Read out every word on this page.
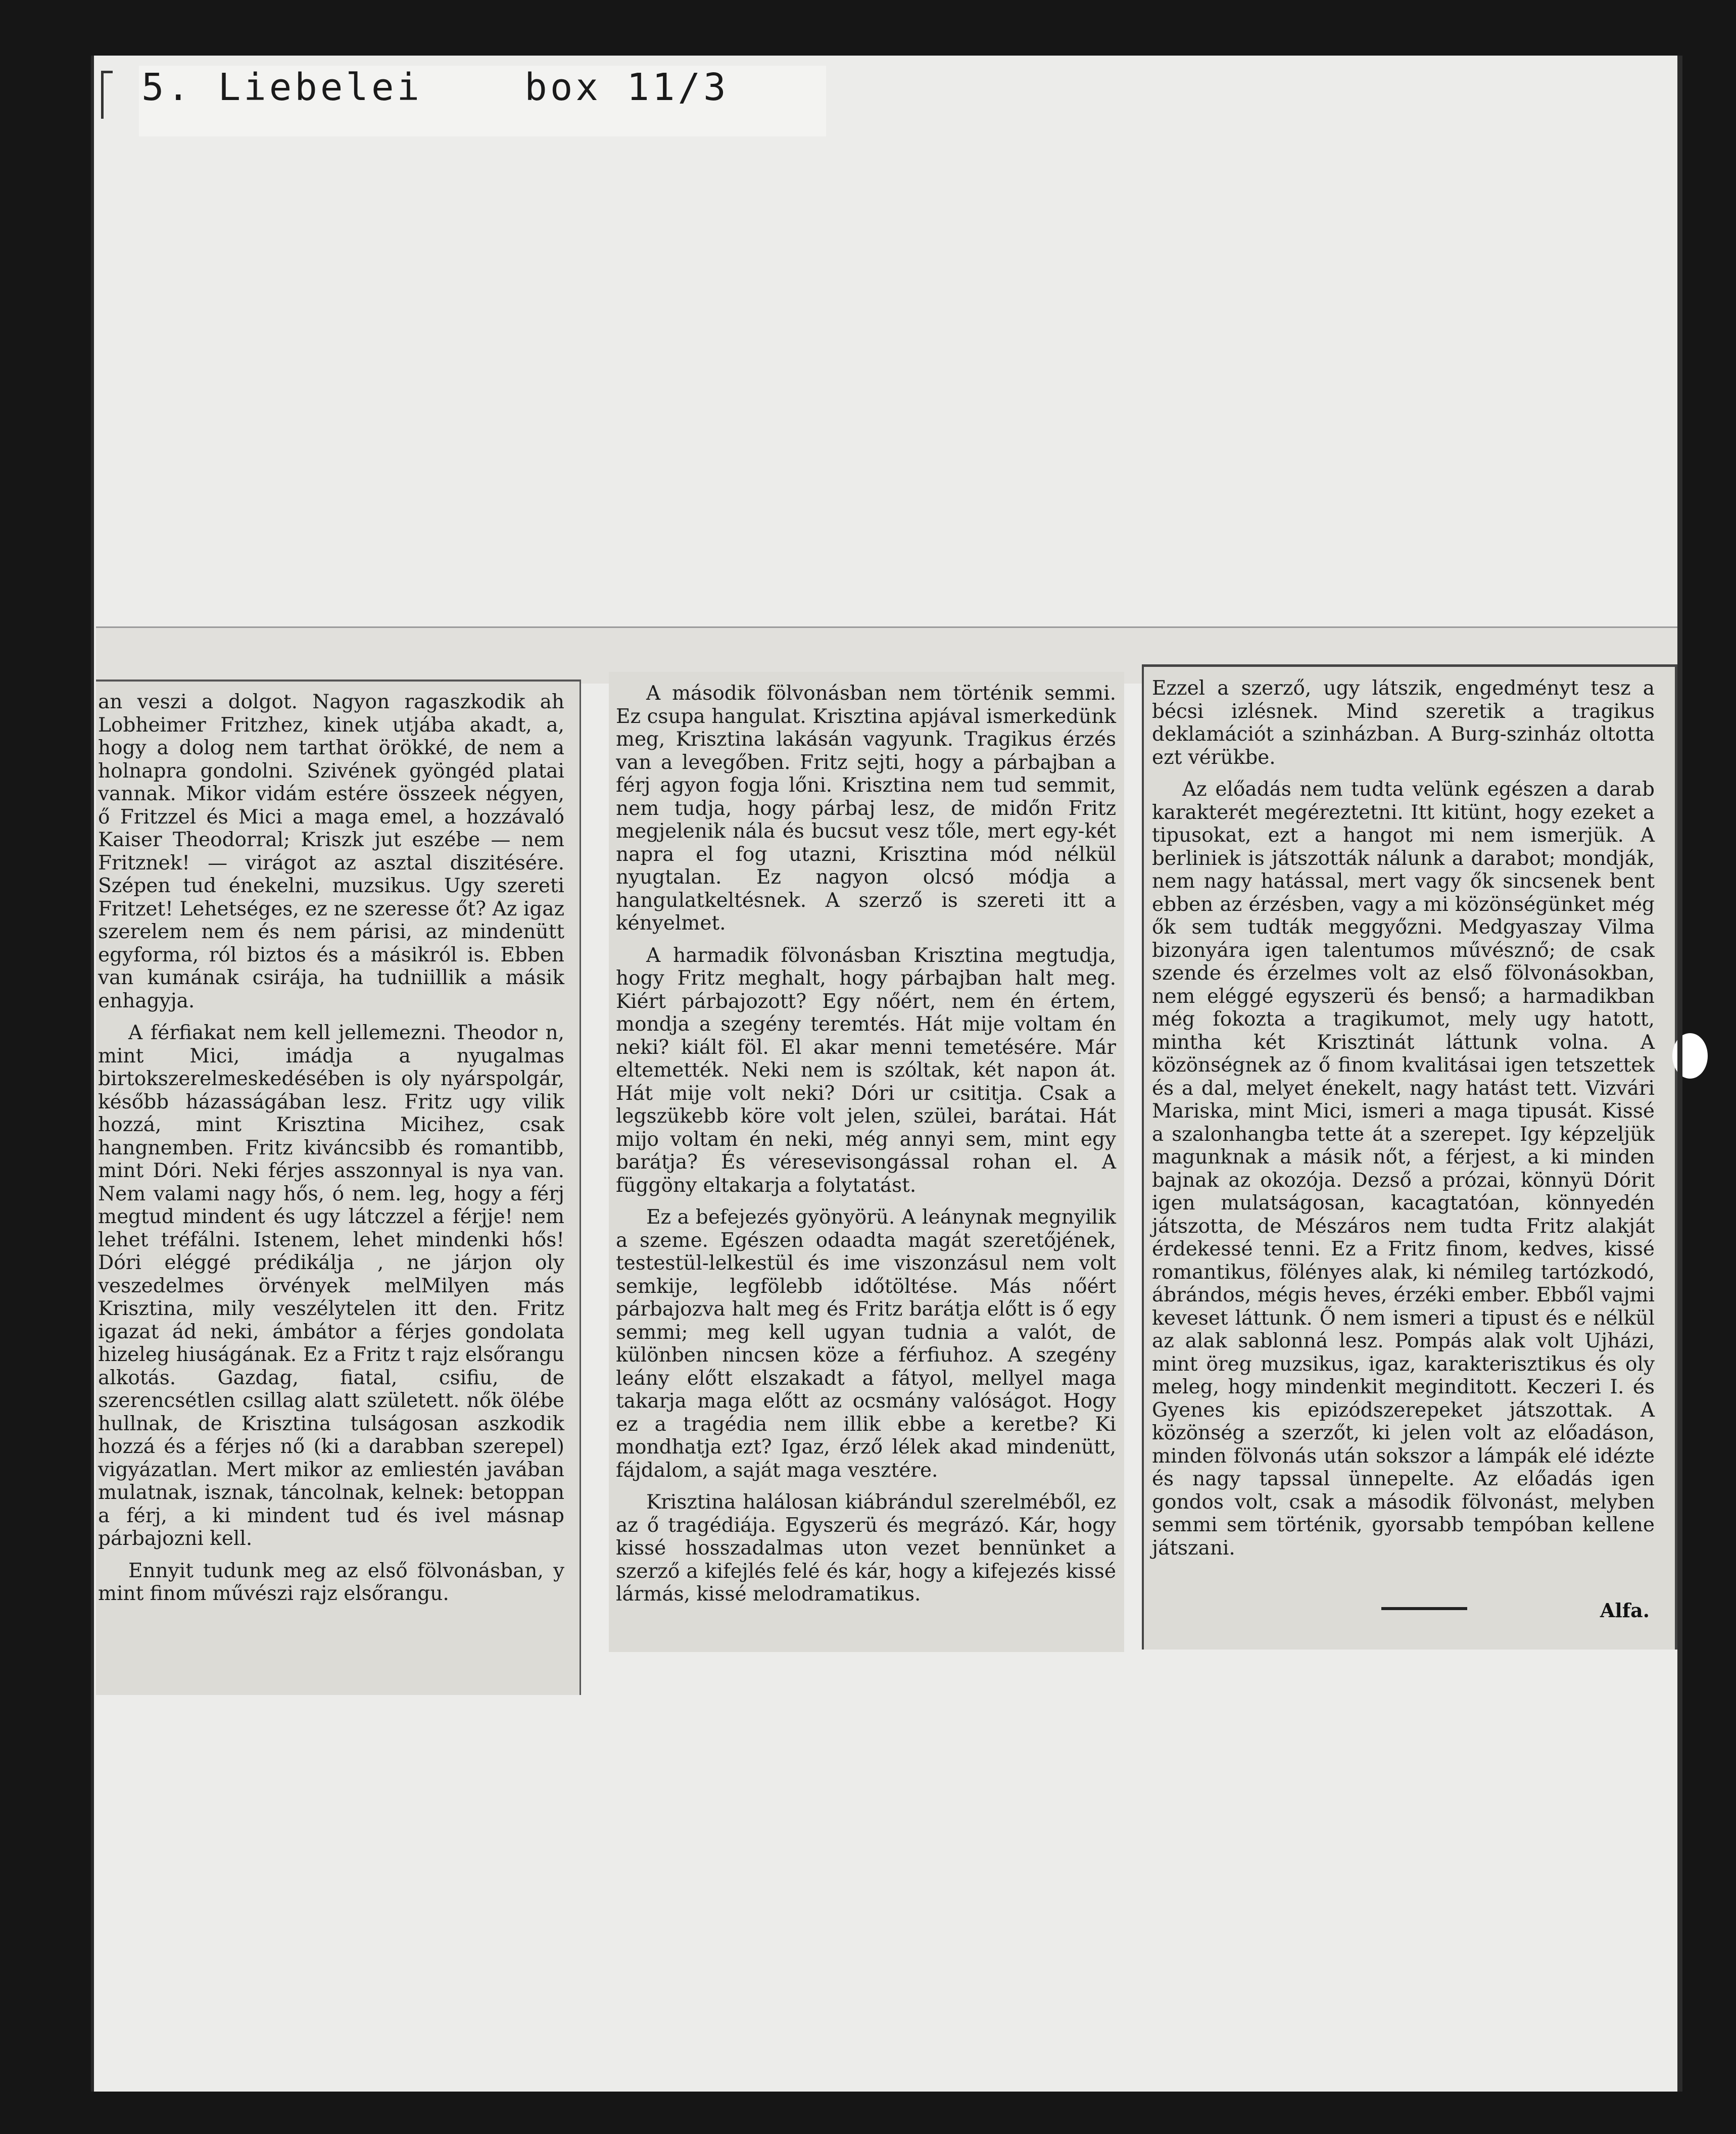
5. Liebelei    box 11/3

an veszi a dolgot. Nagyon ragaszkodik ah Lobheimer Fritzhez, kinek utjába akadt, a, hogy a dolog nem tarthat örökké, de nem a holnapra gondolni. Szivének gyöngéd platai vannak. Mikor vidám estére összeek négyen, ő Fritzzel és Mici a maga emel, a hozzávaló Kaiser Theodorral; Kriszk jut eszébe — nem Fritznek! — virágot az asztal diszitésére. Szépen tud énekelni, muzsikus. Ugy szereti Fritzet! Lehetséges, ez ne szeresse őt? Az igaz szerelem nem és nem párisi, az mindenütt egyforma, ról biztos és a másikról is. Ebben van kumának csirája, ha tudniillik a másik enhagyja.

A férfiakat nem kell jellemezni. Theodor n, mint Mici, imádja a nyugalmas birtokszerelmeskedésében is oly nyárspolgár, később házasságában lesz. Fritz ugy vilik hozzá, mint Krisztina Micihez, csak hangnemben. Fritz kiváncsibb és romantibb, mint Dóri. Neki férjes asszonnyal is nya van. Nem valami nagy hős, ó nem. leg, hogy a férj megtud mindent és ugy látczzel a férjje! nem lehet tréfálni. Istenem, lehet mindenki hős! Dóri eléggé prédikálja , ne járjon oly veszedelmes örvények melMilyen más Krisztina, mily veszélytelen itt den. Fritz igazat ád neki, ámbátor a férjes gondolata hizeleg hiuságának. Ez a Fritz t rajz elsőrangu alkotás. Gazdag, fiatal, csifiu, de szerencsétlen csillag alatt született. nők ölébe hullnak, de Krisztina tulságosan aszkodik hozzá és a férjes nő (ki a darabban szerepel) vigyázatlan. Mert mikor az emliestén javában mulatnak, isznak, táncolnak, kelnek: betoppan a férj, a ki mindent tud és ivel másnap párbajozni kell.

Ennyit tudunk meg az első fölvonásban, y mint finom művészi rajz elsőrangu.

A második fölvonásban nem történik semmi. Ez csupa hangulat. Krisztina apjával ismerkedünk meg, Krisztina lakásán vagyunk. Tragikus érzés van a levegőben. Fritz sejti, hogy a párbajban a férj agyon fogja lőni. Krisztina nem tud semmit, nem tudja, hogy párbaj lesz, de midőn Fritz megjelenik nála és bucsut vesz tőle, mert egy-két napra el fog utazni, Krisztina mód nélkül nyugtalan. Ez nagyon olcsó módja a hangulatkeltésnek. A szerző is szereti itt a kényelmet.

A harmadik fölvonásban Krisztina megtudja, hogy Fritz meghalt, hogy párbajban halt meg. Kiért párbajozott? Egy nőért, nem én értem, mondja a szegény teremtés. Hát mije voltam én neki? kiált föl. El akar menni temetésére. Már eltemették. Neki nem is szóltak, két napon át. Hát mije volt neki? Dóri ur csititja. Csak a legszükebb köre volt jelen, szülei, barátai. Hát mijo voltam én neki, még annyi sem, mint egy barátja? És véresevisongással rohan el. A függöny eltakarja a folytatást.

Ez a befejezés gyönyörü. A leánynak megnyilik a szeme. Egészen odaadta magát szeretőjének, testestül-lelkestül és ime viszonzásul nem volt semkije, legfölebb időtöltése. Más nőért párbajozva halt meg és Fritz barátja előtt is ő egy semmi; meg kell ugyan tudnia a valót, de különben nincsen köze a férfiuhoz. A szegény leány előtt elszakadt a fátyol, mellyel maga takarja maga előtt az ocsmány valóságot. Hogy ez a tragédia nem illik ebbe a keretbe? Ki mondhatja ezt? Igaz, érző lélek akad mindenütt, fájdalom, a saját maga vesztére.

Krisztina halálosan kiábrándul szerelméből, ez az ő tragédiája. Egyszerü és megrázó. Kár, hogy kissé hosszadalmas uton vezet bennünket a szerző a kifejlés felé és kár, hogy a kifejezés kissé lármás, kissé melodramatikus.

Ezzel a szerző, ugy látszik, engedményt tesz a bécsi izlésnek. Mind szeretik a tragikus deklamációt a szinházban. A Burg-szinház oltotta ezt vérükbe.

Az előadás nem tudta velünk egészen a darab karakterét megéreztetni. Itt kitünt, hogy ezeket a tipusokat, ezt a hangot mi nem ismerjük. A berliniek is játszották nálunk a darabot; mondják, nem nagy hatással, mert vagy ők sincsenek bent ebben az érzésben, vagy a mi közönségünket még ők sem tudták meggyőzni. Medgyaszay Vilma bizonyára igen talentumos művésznő; de csak szende és érzelmes volt az első fölvonásokban, nem eléggé egyszerü és benső; a harmadikban még fokozta a tragikumot, mely ugy hatott, mintha két Krisztinát láttunk volna. A közönségnek az ő finom kvalitásai igen tetszettek és a dal, melyet énekelt, nagy hatást tett. Vizvári Mariska, mint Mici, ismeri a maga tipusát. Kissé a szalonhangba tette át a szerepet. Igy képzeljük magunknak a másik nőt, a férjest, a ki minden bajnak az okozója. Dezső a prózai, könnyü Dórit igen mulatságosan, kacagtatóan, könnyedén játszotta, de Mészáros nem tudta Fritz alakját érdekessé tenni. Ez a Fritz finom, kedves, kissé romantikus, fölényes alak, ki némileg tartózkodó, ábrándos, mégis heves, érzéki ember. Ebből vajmi keveset láttunk. Ő nem ismeri a tipust és e nélkül az alak sablonná lesz. Pompás alak volt Ujházi, mint öreg muzsikus, igaz, karakterisztikus és oly meleg, hogy mindenkit meginditott. Keczeri I. és Gyenes kis epizódszerepeket játszottak. A közönség a szerzőt, ki jelen volt az előadáson, minden fölvonás után sokszor a lámpák elé idézte és nagy tapssal ünnepelte. Az előadás igen gondos volt, csak a második fölvonást, melyben semmi sem történik, gyorsabb tempóban kellene játszani.

Alfa.
